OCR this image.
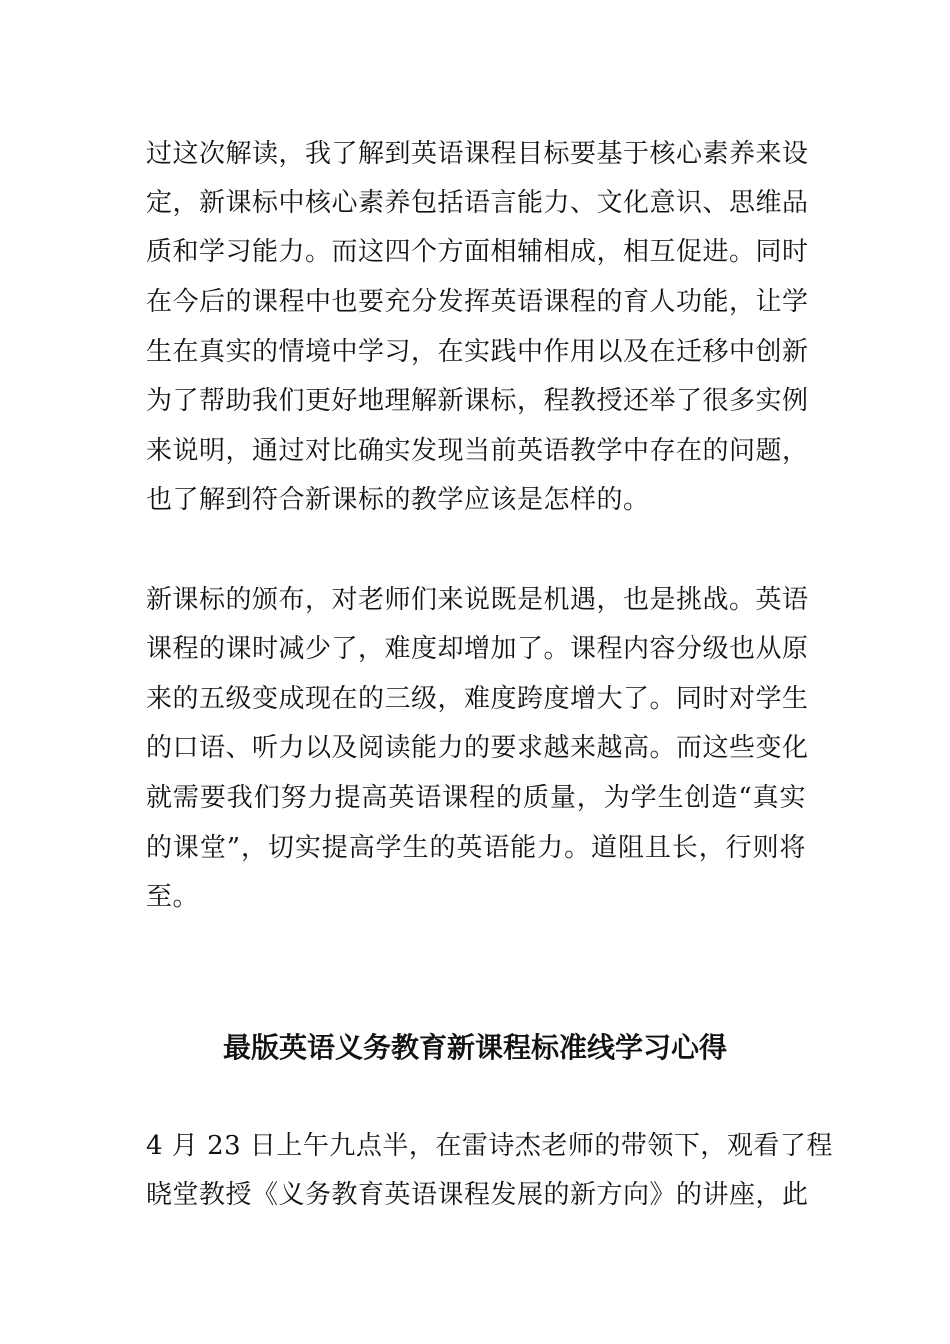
过这次解读，我了解到英语课程目标要基于核心素养来设

定，新课标中核心素养包括语言能力、文化意识、思维品

质和学习能力。而这四个方面相辅相成，相互促进。同时

在今后的课程中也要充分发挥英语课程的育人功能，让学

生在真实的情境中学习，在实践中作用以及在迁移中创新

为了帮助我们更好地理解新课标，程教授还举了很多实例

来说明，通过对比确实发现当前英语教学中存在的问题，

也了解到符合新课标的教学应该是怎样的。

新课标的颁布，对老师们来说既是机遇，也是挑战。英语

课程的课时减少了，难度却增加了。课程内容分级也从原

来的五级变成现在的三级，难度跨度增大了。同时对学生

的口语、听力以及阅读能力的要求越来越高。而这些变化

就需要我们努力提高英语课程的质量，为学生创造“真实

的课堂”，切实提高学生的英语能力。道阻且长，行则将

至。

最版英语义务教育新课程标准线学习心得

4 月 23 日上午九点半，在雷诗杰老师的带领下，观看了程

晓堂教授《义务教育英语课程发展的新方向》的讲座，此
